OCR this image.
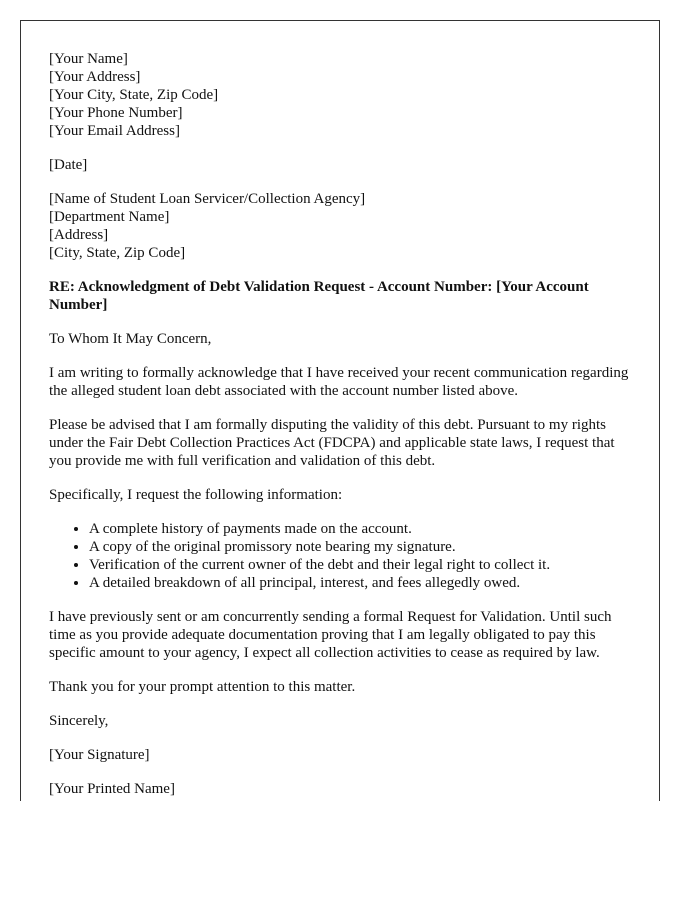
[Your Name]
[Your Address]
[Your City, State, Zip Code]
[Your Phone Number]
[Your Email Address]

[Date]

[Name of Student Loan Servicer/Collection Agency]
[Department Name]
[Address]
[City, State, Zip Code]

RE: Acknowledgment of Debt Validation Request - Account Number: [Your Account Number]

To Whom It May Concern,

I am writing to formally acknowledge that I have received your recent communication regarding the alleged student loan debt associated with the account number listed above.

Please be advised that I am formally disputing the validity of this debt. Pursuant to my rights under the Fair Debt Collection Practices Act (FDCPA) and applicable state laws, I request that you provide me with full verification and validation of this debt.

Specifically, I request the following information:

• A complete history of payments made on the account.
• A copy of the original promissory note bearing my signature.
• Verification of the current owner of the debt and their legal right to collect it.
• A detailed breakdown of all principal, interest, and fees allegedly owed.

I have previously sent or am concurrently sending a formal Request for Validation. Until such time as you provide adequate documentation proving that I am legally obligated to pay this specific amount to your agency, I expect all collection activities to cease as required by law.

Thank you for your prompt attention to this matter.

Sincerely,

[Your Signature]

[Your Printed Name]
